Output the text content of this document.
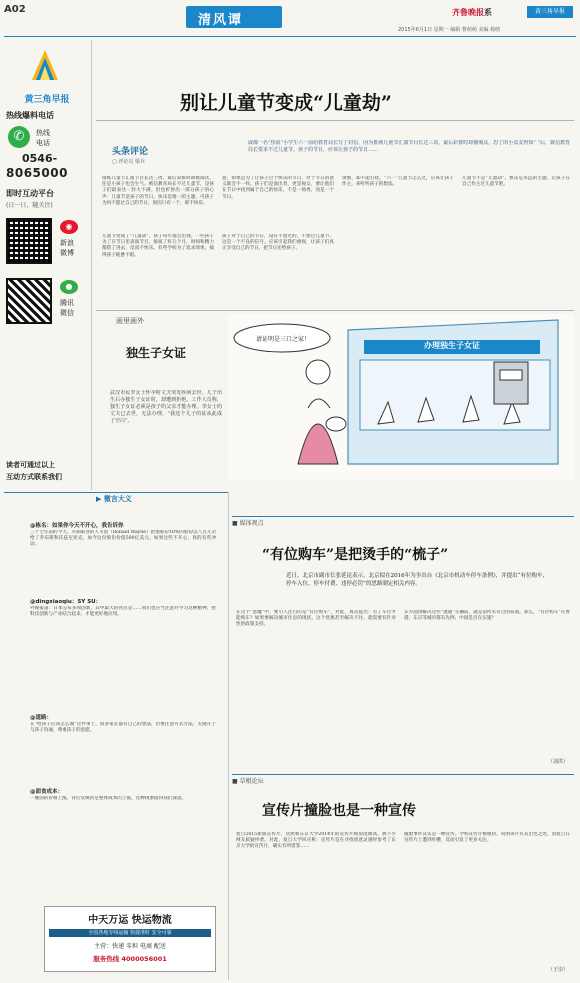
A02
清风谭
齐鲁晚报系	黄三角早报
2015年6月1日 星期一 编辑 曹萌萌 美编 杨晴
黄三角早报
热线爆料电话
✆	热线
电话
0546-
8065000
即时互动平台
(日一日，随关注)
◉
新浪
微博
●
腾讯
微信
读者可通过以上
互动方式联系我们
别让儿童节变成“儿童劫”
头条评论
▢ 评论员 梁兵
戚都一名“热血”小学生六一前给教育局长写了封信，因为排满儿童节汇演节目长达三周，最后彩排时却被淘汰，恐了的小盆友得知“ ”后，致信教育局长要求不过儿童节。孩子的节日，应该让孩子的节日……
排练儿童节汇演节目长达三周，最后彩排时却被淘汰，任是小孩子也会生气。被信教育局长不过儿童节，是孩子们最表达一封大不满。但也折射出一部分孩子的心声：儿童节是孩子的节日，快乐是唯一的主题，可孩子为何不愿过自己的节日，原因只有一个，即不快乐。
儿童节变成了“儿童劫”，孩子每年都会出现。一些孩子为了在节日里表演节目，排演了好几个月，时间和精力都搭了进去，反而不快乐。有些学校为了追求效果，搞得孩子疲惫不堪。
意，如果是为了让孩子过个快乐的节日，对于节日的意义就会不一样。孩子们是演出者，更是观众，要让他们在节日中找到属于自己的快乐，不是一场秀，而是一个节日。
孩子对于自己的节日，没有不想过的，不想过儿童节，这是一个不良的信号。应该引起我们重视，让孩子们真正享受自己的节日，把节日还给孩子。
现象，却不能打扰。“六一”儿童节怎么过，应该让孩子作主，多听听孩子的想法。
儿童节不是“儿童劫”，快乐是永远的主题，让孩子在自己作主过儿童节吧。
画里画外
独生子女证
武汉市民李女士怀孕时丈夫突发疾病去世，儿子出生后办独生子女证时，却遭到拒绝。工作人员称，独生子女证必须是孩子的父亲才能办理。李女士的丈夫已去世，无法办理，“我这个儿子的证从此成了空白”。
办理独生子女证
请证明是三口之家！
▶ 微言大义
@栋名：如果你今天不开心，我告诉你
三十七年前的今天，早期职业的人韦恩（Ronald Wayne）把他那份10%的股份以八百元卖给了乔布斯和沃兹尼亚克，如今这份股份价值580亿美元。如果这些不开心，真的有些冲动。
@dingxiaoqiu：SY SU：
外媒报道：日本公布多项创新，其中最大的亮点是……我们也应当注意并学习这种精神，把科技创新与产业结合起来，才能更好地应用。
@道路：
在“给孩子应该怎么做”这件事上，很多家长都有自己的想法，但要注意方式方法，关键在于与孩子沟通，尊重孩子的意愿。
@面食成本：
一碗面的价格上涨，背后反映的是整体成本的上涨，这种现象值得我们深思。
中天万运 快运物流
全国各地专线运输 快捷准时 安全可靠
主营：快递 零担 电商 配送
服务热线 4000056001
■ 媒体观点
“有位购车”是把烫手的“梳子”
近日，北京市副市长张延昆表示，北京拟在2016年为争出台《北京市机动车停车条例》，并提出“有位购车、停车入位、停车付费、违停必罚”的思路制定相关内容。
在这个“恶魔”中，要引人注目的是“有位购车”，对此，再次提出：有了车位才能购车？如果要解决城市住房的现状，这个优惠甚至解决不住，就需要有针对性的政策支持。
东方面由解决这些“流通”车辆前，就是前所未有过的局面。那么，“有位购车”在香港、东京等城市都有先例，中国是否在实施？
（刘洪）
■ 草根论坛
宣传片撞脸也是一种宣传
复旦2015新版宣传片，居然和东京大学2014年的宣传片相似度极高，被不少网友质疑抄袭。对此，复旦大学回应称：宣传片是在寻找创意灵感时参考了东京大学的宣传片，确实有所借鉴……
撞脸事件其实是一种宣传。学校宣传片被模仿，说明该片有其出色之处，而复旦在宣传片上遭到吐槽，反而引发了更多关注。
（王崇）
